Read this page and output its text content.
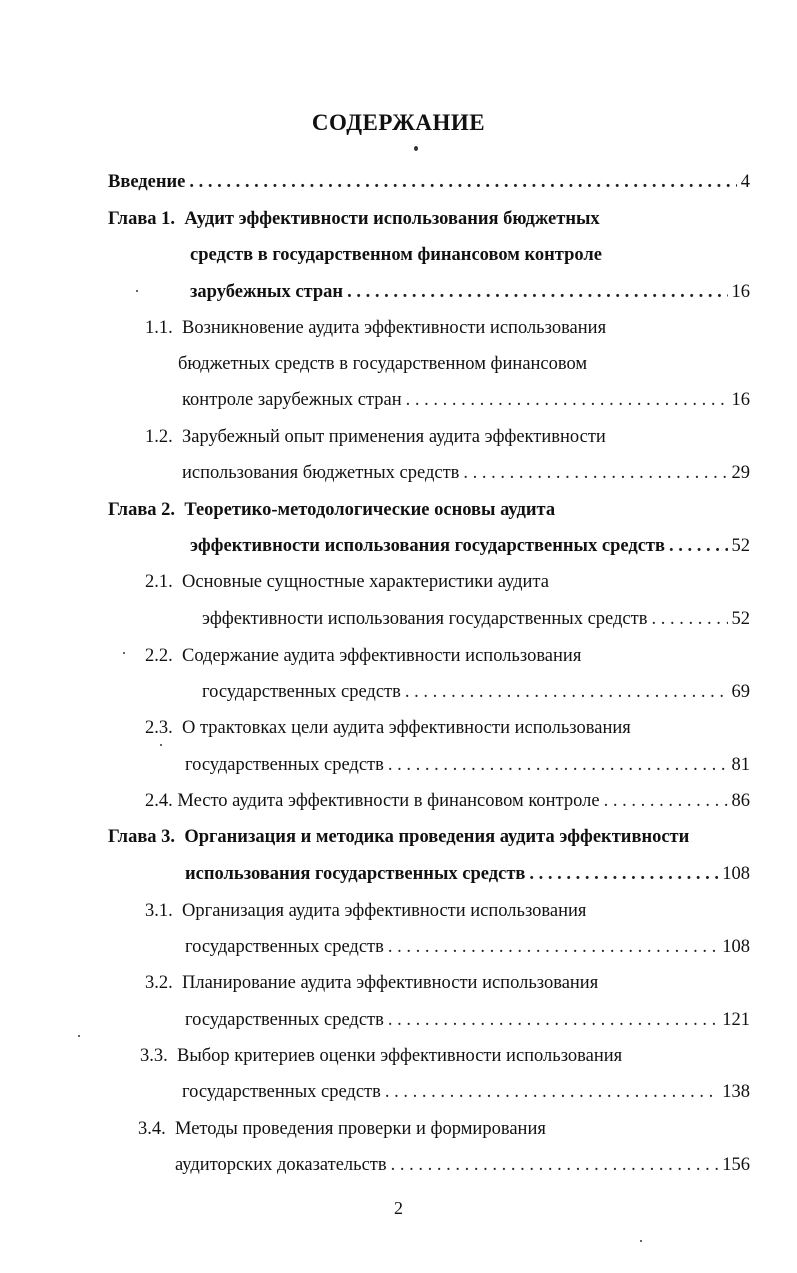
СОДЕРЖАНИЕ
Введение . . .	4
Глава 1. Аудит эффективности использования бюджетных
средств в государственном финансовом контроле
зарубежных стран . . .	16
1.1. Возникновение аудита эффективности использования
бюджетных средств в государственном финансовом
контроле зарубежных стран . . .	16
1.2. Зарубежный опыт применения аудита эффективности
использования бюджетных средств . . .	29
Глава 2. Теоретико-методологические основы аудита
эффективности использования государственных средств . . .	52
2.1. Основные сущностные характеристики аудита
эффективности использования государственных средств . . .	52
2.2. Содержание аудита эффективности использования
государственных средств . . .	69
2.3. О трактовках цели аудита эффективности использования
государственных средств . . .	81
2.4.
Место аудита эффективности в финансовом контроле . . .	86
Глава 3. Организация и методика проведения аудита эффективности
использования государственных средств . . .	108
3.1. Организация аудита эффективности использования
государственных средств . . .	108
3.2. Планирование аудита эффективности использования
государственных средств . . .	121
3.3. Выбор критериев оценки эффективности использования
государственных средств . . .	138
3.4. Методы проведения проверки и формирования
аудиторских доказательств . . .	156
2
